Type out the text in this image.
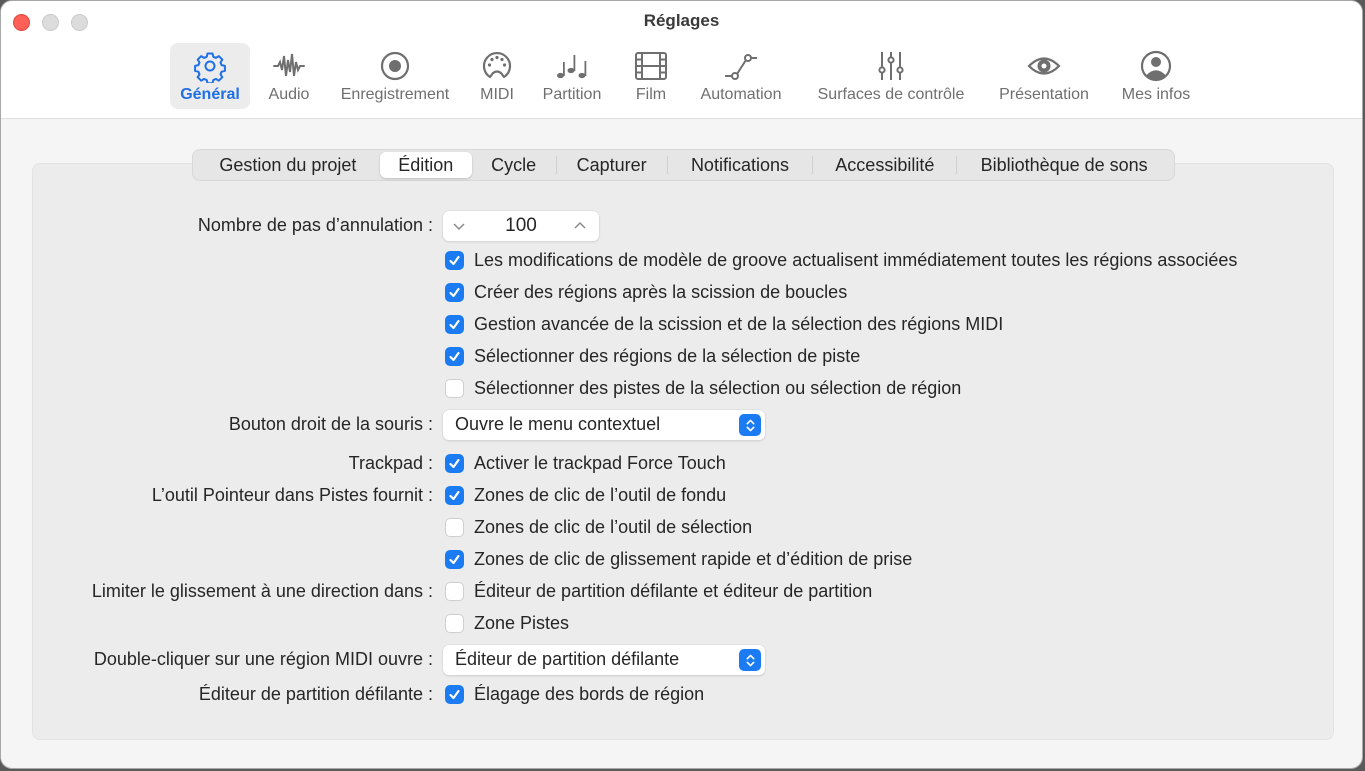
Réglages
Général Audio Enregistrement MIDI Partition Film Automation Surfaces de contrôle Présentation Mes infos
Gestion du projet Édition Cycle Capturer Notifications	Accessibilité	Bibliothèque de sons
Nombre de pas d’annulation :	100
Les modifications de modèle de groove actualisent immédiatement toutes les régions associées
Créer des régions après la scission de boucles
Gestion avancée de la scission et de la sélection des régions MIDI
Sélectionner des régions de la sélection de piste
Sélectionner des pistes de la sélection ou sélection de région
Bouton droit de la souris : Ouvre le menu contextuel
Trackpad : Activer le trackpad Force Touch
L’outil Pointeur dans Pistes fournit : Zones de clic de l’outil de fondu
Zones de clic de l’outil de sélection
Zones de clic de glissement rapide et d’édition de prise
Limiter le glissement à une direction dans : Éditeur de partition défilante et éditeur de partition
Zone Pistes
Double-cliquer sur une région MIDI ouvre : Éditeur de partition défilante
Éditeur de partition défilante : Élagage des bords de région
